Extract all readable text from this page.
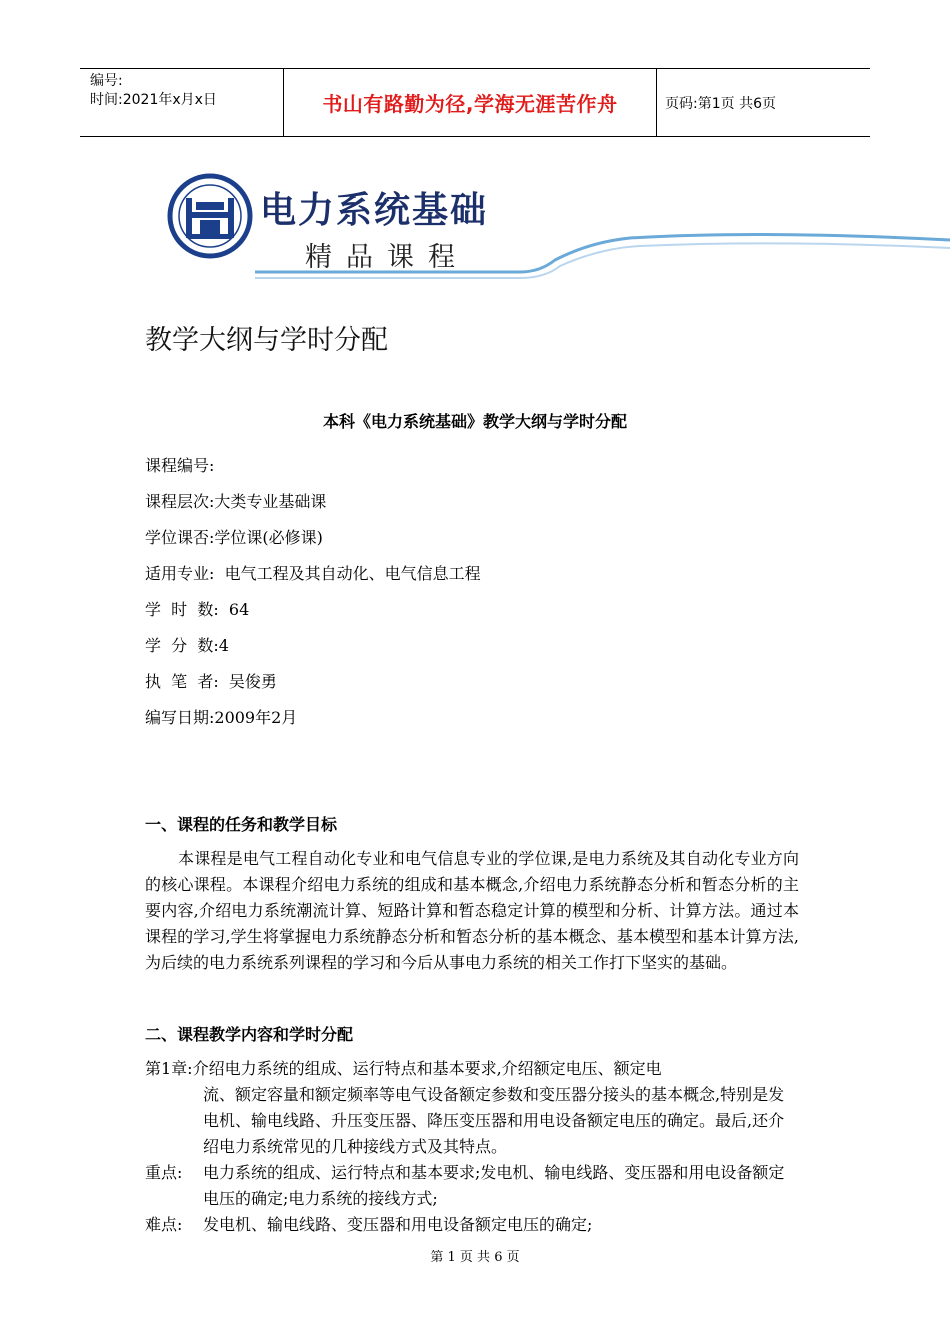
编号:
时间:2021年x月x日	书山有路勤为径,学海无涯苦作舟	页码:第1页 共6页
电力系统基础
精品课程
教学大纲与学时分配
本科《电力系统基础》教学大纲与学时分配
课程编号:
课程层次:大类专业基础课
学位课否:学位课(必修课)
适用专业:  电气工程及其自动化、电气信息工程
学  时  数:  64
学  分  数:4
执  笔  者:  吴俊勇
编写日期:2009年2月
一、课程的任务和教学目标
本课程是电气工程自动化专业和电气信息专业的学位课,是电力系统及其自动化专业方向的核心课程。本课程介绍电力系统的组成和基本概念,介绍电力系统静态分析和暂态分析的主要内容,介绍电力系统潮流计算、短路计算和暂态稳定计算的模型和分析、计算方法。通过本课程的学习,学生将掌握电力系统静态分析和暂态分析的基本概念、基本模型和基本计算方法,为后续的电力系统系列课程的学习和今后从事电力系统的相关工作打下坚实的基础。
二、课程教学内容和学时分配
第1章:介绍电力系统的组成、运行特点和基本要求,介绍额定电压、额定电
流、额定容量和额定频率等电气设备额定参数和变压器分接头的基本概念,特别是发电机、输电线路、升压变压器、降压变压器和用电设备额定电压的确定。最后,还介绍电力系统常见的几种接线方式及其特点。
重点:	电力系统的组成、运行特点和基本要求;发电机、输电线路、变压器和用电设备额定电压的确定;电力系统的接线方式;
难点:	发电机、输电线路、变压器和用电设备额定电压的确定;
第 1 页 共 6 页
